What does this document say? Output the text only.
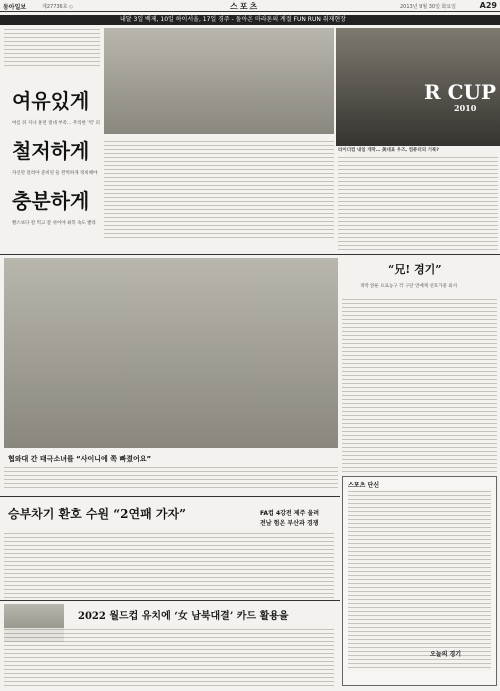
동아일보	제27736호 ◇	스포츠	2013년 9월 30일 화요일	A29
내달 3일 백제, 10일 하이서울, 17일 경주 - 돌아온 마라톤의 계절 FUN RUN 취재현장
R CUP
2010
여유있게
여름 뒤 지나 훈련 절대 부족… 무리한 '역' 피
철저하게
자신만 달려야 준비된 둘 완벽하게 정비해야
충분하게
빨스보다 칼 먹고 잘 쉬어야 최복 속도 빨라
라이더컵 내일 개막… 美대표 우즈, 컴퓨터의 기록?
협와대 간 태극소녀를 “사이니에 쪽 빠졌어요”
“兄! 경기”
개막 앞둔 프로농구 각 구단 연예계 선호가중 외서
승부차기 환호 수원 “2연패 가자”	FA컵 4강전 제주 울려
전남 험온 부산과 경쟁
2022 월드컵 유치에 ‘女 남북대결’ 카드 활용을
스포츠 단신
오늘의 경기
